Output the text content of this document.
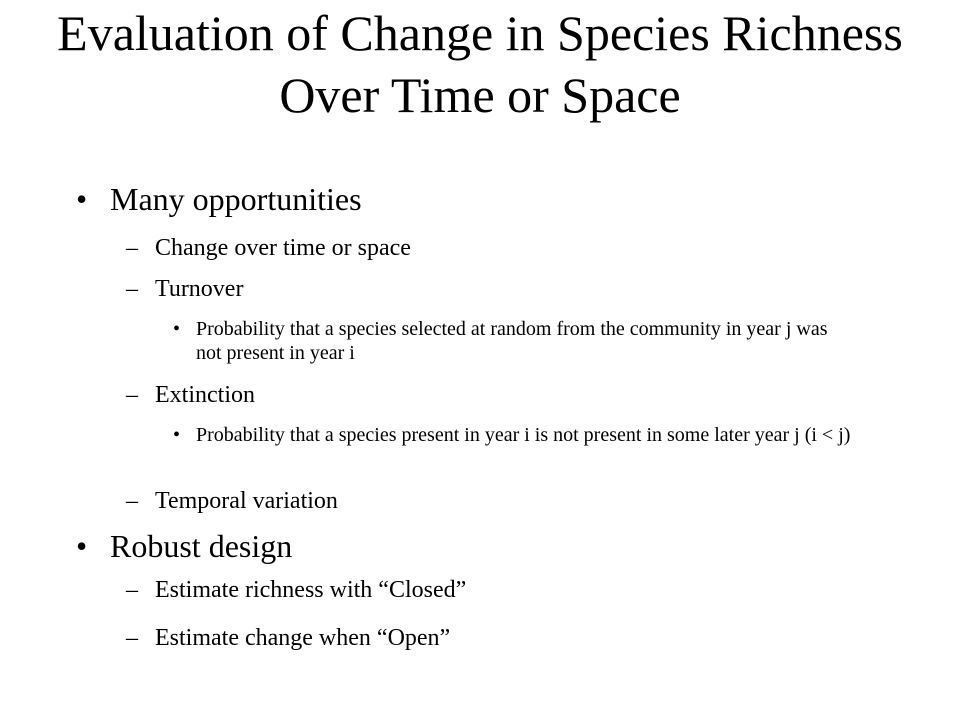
Evaluation of Change in Species Richness Over Time or Space
• Many opportunities
– Change over time or space
– Turnover
• Probability that a species selected at random from the community in year j was not present in year i
– Extinction
• Probability that a species present in year i is not present in some later year j (i < j)
– Temporal variation
• Robust design
– Estimate richness with “Closed”
– Estimate change when “Open”
